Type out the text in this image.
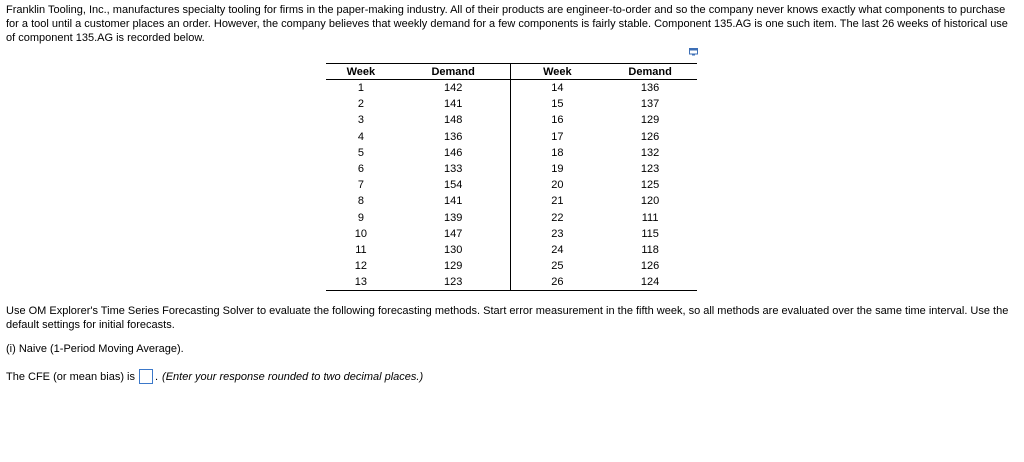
Franklin Tooling, Inc., manufactures specialty tooling for firms in the paper-making industry. All of their products are engineer-to-order and so the company never knows exactly what components to purchase for a tool until a customer places an order. However, the company believes that weekly demand for a few components is fairly stable. Component 135.AG is one such item. The last 26 weeks of historical use of component 135.AG is recorded below.

Week	Demand	Week	Demand
1	142	14	136
2	141	15	137
3	148	16	129
4	136	17	126
5	146	18	132
6	133	19	123
7	154	20	125
8	141	21	120
9	139	22	111
10	147	23	115
11	130	24	118
12	129	25	126
13	123	26	124

Use OM Explorer's Time Series Forecasting Solver to evaluate the following forecasting methods. Start error measurement in the fifth week, so all methods are evaluated over the same time interval. Use the default settings for initial forecasts.

(i) Naive (1-Period Moving Average).

The CFE (or mean bias) is . (Enter your response rounded to two decimal places.)
